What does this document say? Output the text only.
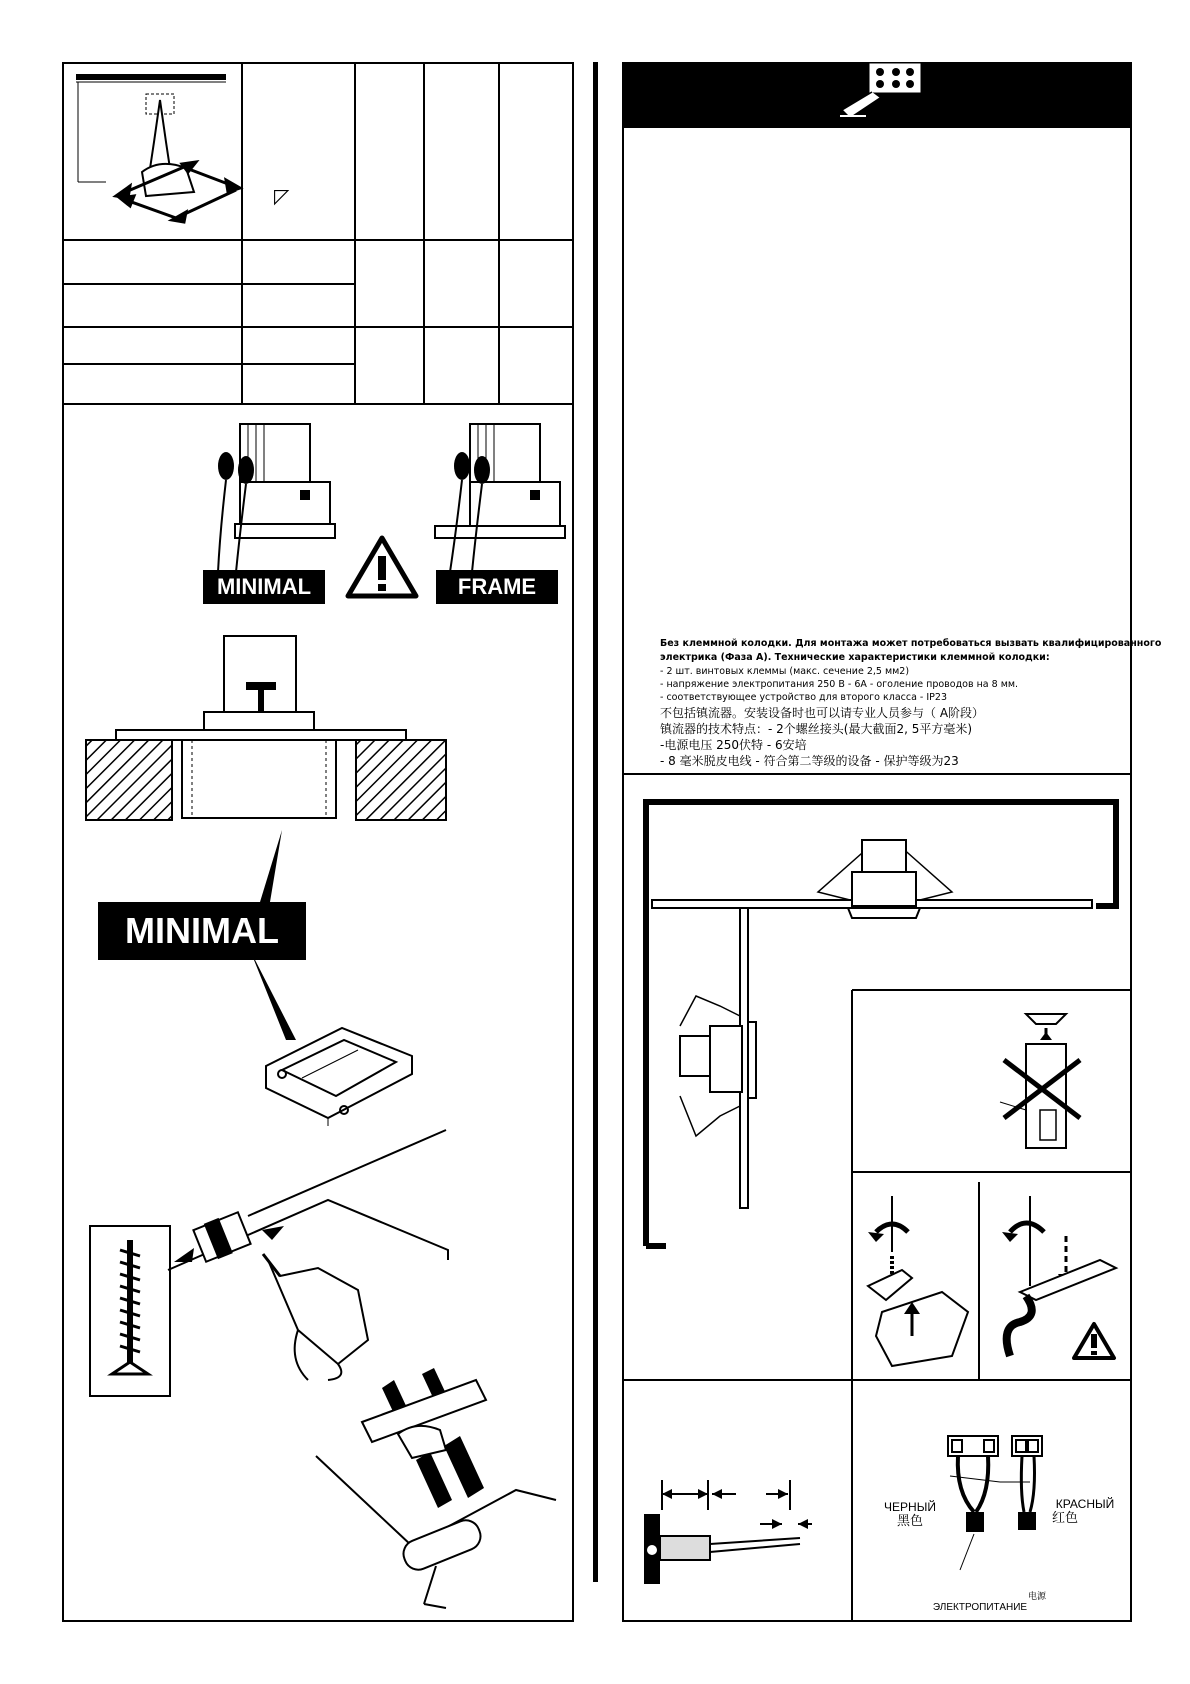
◸
MINIMAL	FRAME
MINIMAL
Без клеммной колодки. Для монтажа может потребоваться вызвать квалифицированного
электрика (Фаза А). Технические характеристики клеммной колодки:
- 2 шт. винтовых клеммы (макс. сечение 2,5 мм2)
- напряжение электропитания 250 В - 6А - оголение проводов на 8 мм.
- соответствующее устройство для второго класса - IP23
不包括镇流器。安装设备时也可以请专业人员参与（ A阶段）
镇流器的技术特点：- 2个螺丝接头(最大截面2, 5平方毫米)
-电源电压 250伏特 - 6安培
- 8 毫米脱皮电线 - 符合第二等级的设备 - 保护等级为23
ЧЕРНЫЙ
黑色
КРАСНЫЙ
红色
ЭЛЕКТРОПИТАНИЕ
电源
